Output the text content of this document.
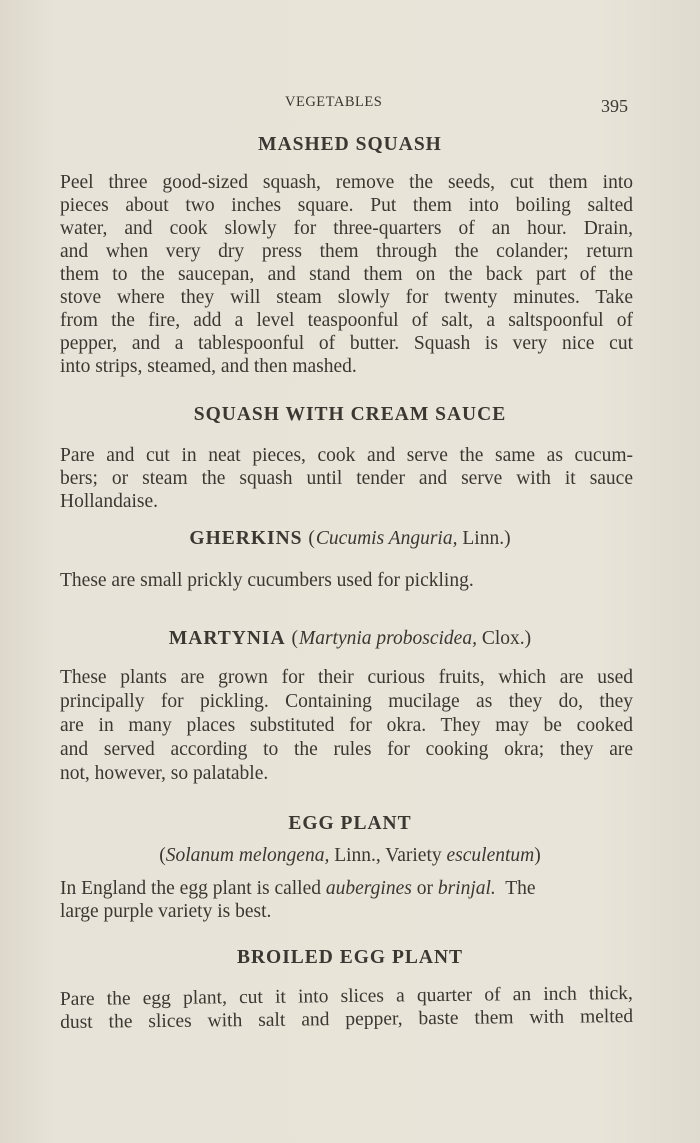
VEGETABLES	395
MASHED SQUASH
Peel three good-sized squash, remove the seeds, cut them into
pieces about two inches square. Put them into boiling salted
water, and cook slowly for three-quarters of an hour. Drain,
and when very dry press them through the colander; return
them to the saucepan, and stand them on the back part of the
stove where they will steam slowly for twenty minutes. Take
from the fire, add a level teaspoonful of salt, a saltspoonful of
pepper, and a tablespoonful of butter. Squash is very nice cut
into strips, steamed, and then mashed.
SQUASH WITH CREAM SAUCE
Pare and cut in neat pieces, cook and serve the same as cucum-
bers; or steam the squash until tender and serve with it sauce
Hollandaise.
GHERKINS (Cucumis Anguria, Linn.)
These are small prickly cucumbers used for pickling.
MARTYNIA (Martynia proboscidea, Clox.)
These plants are grown for their curious fruits, which are used
principally for pickling. Containing mucilage as they do, they
are in many places substituted for okra. They may be cooked
and served according to the rules for cooking okra; they are
not, however, so palatable.
EGG PLANT
(Solanum melongena, Linn., Variety esculentum)
In England the egg plant is called aubergines or brinjal.  The
large purple variety is best.
BROILED EGG PLANT
Pare the egg plant, cut it into slices a quarter of an inch thick,
dust the slices with salt and pepper, baste them with melted
